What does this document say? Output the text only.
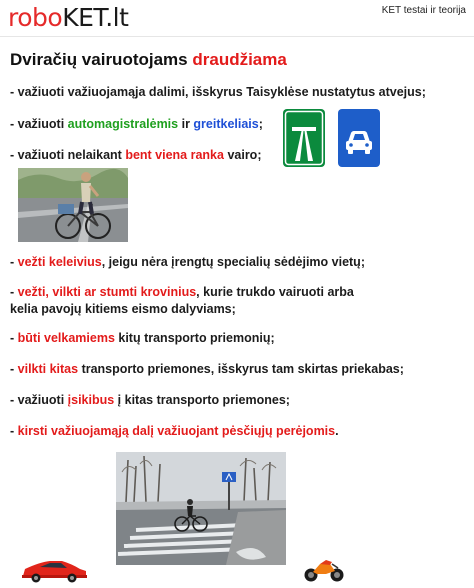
roboKET.lt	KET testai ir teorija
Dviračių vairuotojams draudžiama
- važiuoti važiuojamąja dalimi, išskyrus Taisyklėse nustatytus atvejus;
- važiuoti automagistralėmis ir greitkeliais;
- važiuoti nelaikant bent viena ranka vairo;
- vežti keleivius, jeigu nėra įrengtų specialių sėdėjimo vietų;
- vežti, vilkti ar stumti krovinius, kurie trukdo vairuoti arba
kelia pavojų kitiems eismo dalyviams;
- būti velkamiems kitų transporto priemonių;
- vilkti kitas transporto priemones, išskyrus tam skirtas priekabas;
- važiuoti įsikibus į kitas transporto priemones;
- kirsti važiuojamąją dalį važiuojant pėsčiųjų perėjomis.
